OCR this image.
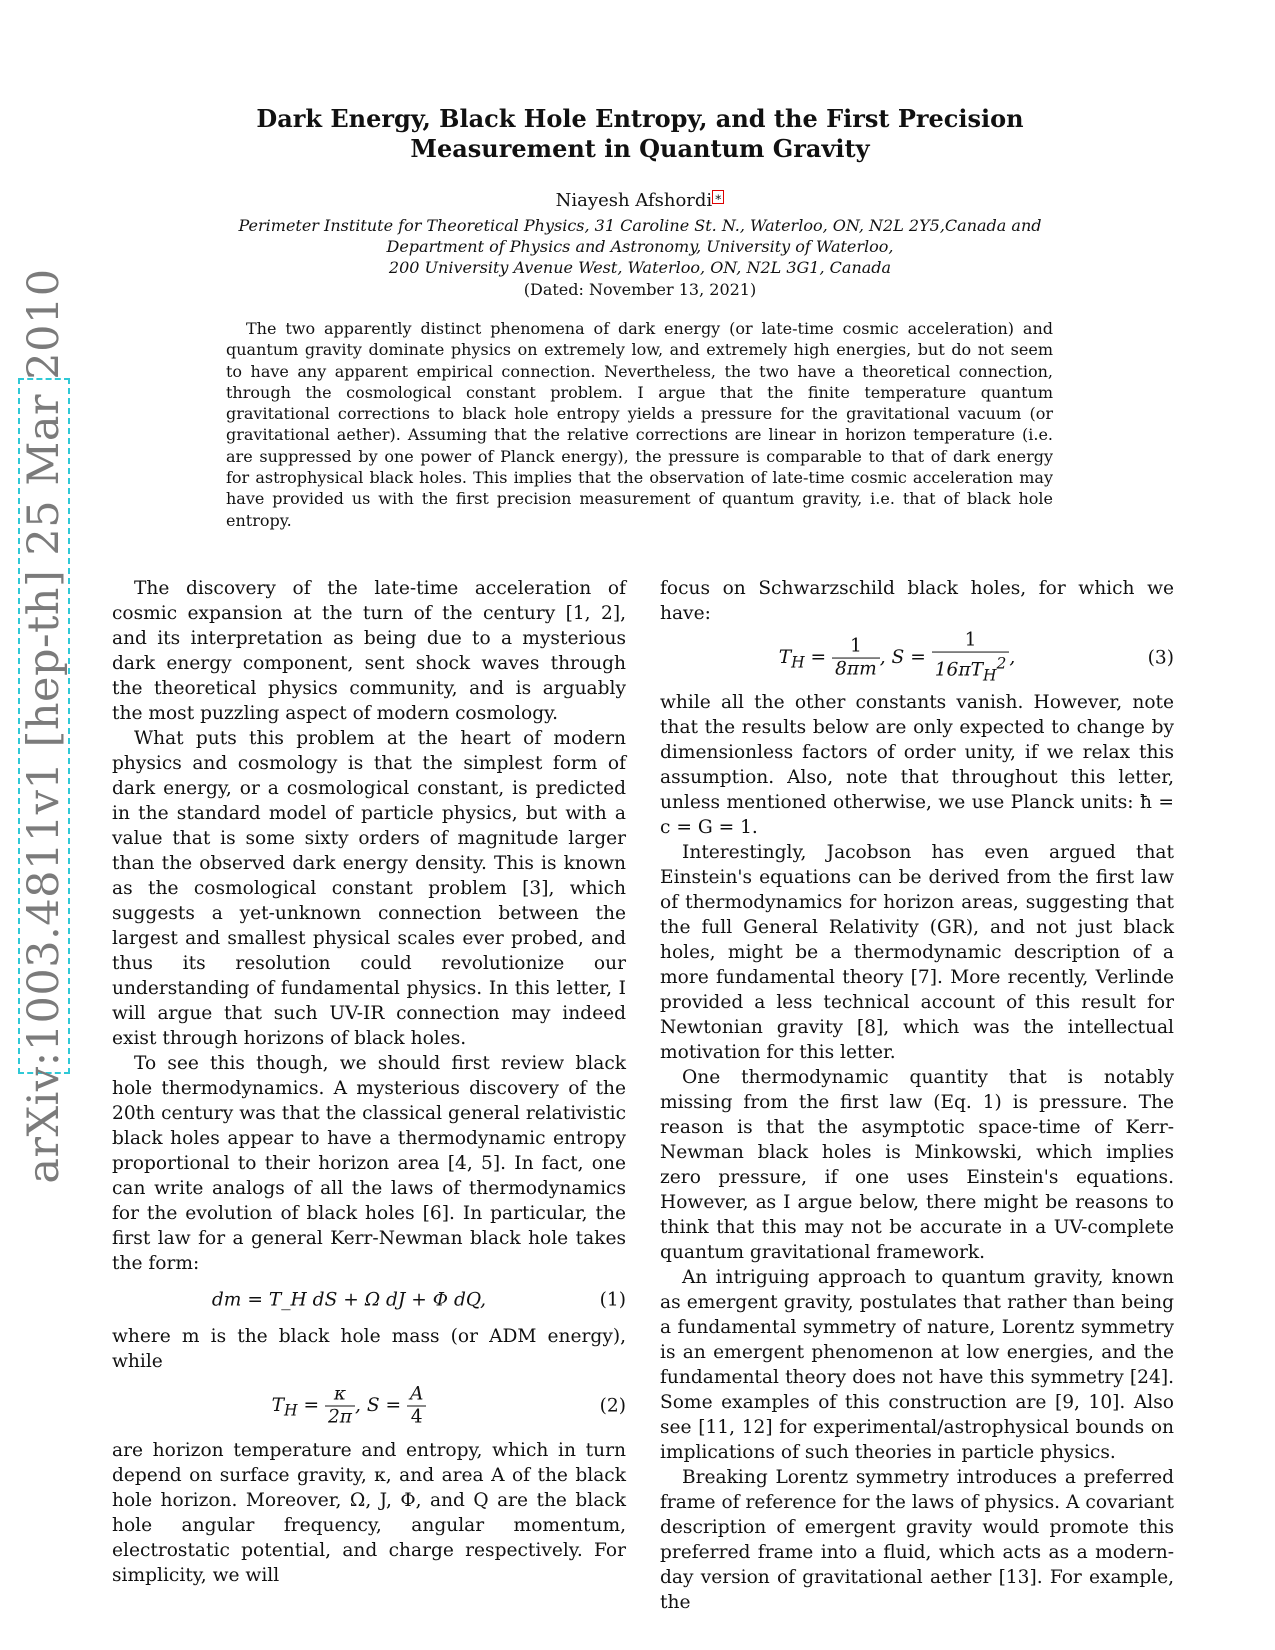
arXiv:1003.4811v1 [hep-th] 25 Mar 2010
Dark Energy, Black Hole Entropy, and the First Precision Measurement in Quantum Gravity
Niayesh Afshordi ∗
Perimeter Institute for Theoretical Physics, 31 Caroline St. N., Waterloo, ON, N2L 2Y5,Canada and
Department of Physics and Astronomy, University of Waterloo,
200 University Avenue West, Waterloo, ON, N2L 3G1, Canada
(Dated: November 13, 2021)

The two apparently distinct phenomena of dark energy (or late-time cosmic acceleration) and quantum gravity dominate physics on extremely low, and extremely high energies, but do not seem to have any apparent empirical connection. Nevertheless, the two have a theoretical connection, through the cosmological constant problem. I argue that the finite temperature quantum gravitational corrections to black hole entropy yields a pressure for the gravitational vacuum (or gravitational aether). Assuming that the relative corrections are linear in horizon temperature (i.e. are suppressed by one power of Planck energy), the pressure is comparable to that of dark energy for astrophysical black holes. This implies that the observation of late-time cosmic acceleration may have provided us with the first precision measurement of quantum gravity, i.e. that of black hole entropy.

The discovery of the late-time acceleration of cosmic expansion at the turn of the century [1, 2], and its interpretation as being due to a mysterious dark energy component, sent shock waves through the theoretical physics community, and is arguably the most puzzling aspect of modern cosmology.

What puts this problem at the heart of modern physics and cosmology is that the simplest form of dark energy, or a cosmological constant, is predicted in the standard model of particle physics, but with a value that is some sixty orders of magnitude larger than the observed dark energy density. This is known as the cosmological constant problem [3], which suggests a yet-unknown connection between the largest and smallest physical scales ever probed, and thus its resolution could revolutionize our understanding of fundamental physics. In this letter, I will argue that such UV-IR connection may indeed exist through horizons of black holes.

To see this though, we should first review black hole thermodynamics. A mysterious discovery of the 20th century was that the classical general relativistic black holes appear to have a thermodynamic entropy proportional to their horizon area [4, 5]. In fact, one can write analogs of all the laws of thermodynamics for the evolution of black holes [6]. In particular, the first law for a general Kerr-Newman black hole takes the form:

dm = T_H dS + Ω dJ + Φ dQ,	(1)

where m is the black hole mass (or ADM energy), while

$T_H = \frac{\kappa}{2\pi}$ , $S = \frac{A}{4}$	(2)

are horizon temperature and entropy, which in turn depend on surface gravity, κ, and area A of the black hole horizon. Moreover, Ω, J, Φ, and Q are the black hole angular frequency, angular momentum, electrostatic potential, and charge respectively. For simplicity, we will

focus on Schwarzschild black holes, for which we have:

$T_H = \frac{1}{8\pi m}$ , $S = \frac{1}{16\pi T_H^2}$ ,	(3)

while all the other constants vanish. However, note that the results below are only expected to change by dimensionless factors of order unity, if we relax this assumption. Also, note that throughout this letter, unless mentioned otherwise, we use Planck units: ħ = c = G = 1.

Interestingly, Jacobson has even argued that Einstein's equations can be derived from the first law of thermodynamics for horizon areas, suggesting that the full General Relativity (GR), and not just black holes, might be a thermodynamic description of a more fundamental theory [7]. More recently, Verlinde provided a less technical account of this result for Newtonian gravity [8], which was the intellectual motivation for this letter.

One thermodynamic quantity that is notably missing from the first law (Eq. 1) is pressure. The reason is that the asymptotic space-time of Kerr-Newman black holes is Minkowski, which implies zero pressure, if one uses Einstein's equations. However, as I argue below, there might be reasons to think that this may not be accurate in a UV-complete quantum gravitational framework.

An intriguing approach to quantum gravity, known as emergent gravity, postulates that rather than being a fundamental symmetry of nature, Lorentz symmetry is an emergent phenomenon at low energies, and the fundamental theory does not have this symmetry [24]. Some examples of this construction are [9, 10]. Also see [11, 12] for experimental/astrophysical bounds on implications of such theories in particle physics.

Breaking Lorentz symmetry introduces a preferred frame of reference for the laws of physics. A covariant description of emergent gravity would promote this preferred frame into a fluid, which acts as a modern-day version of gravitational aether [13]. For example, the
